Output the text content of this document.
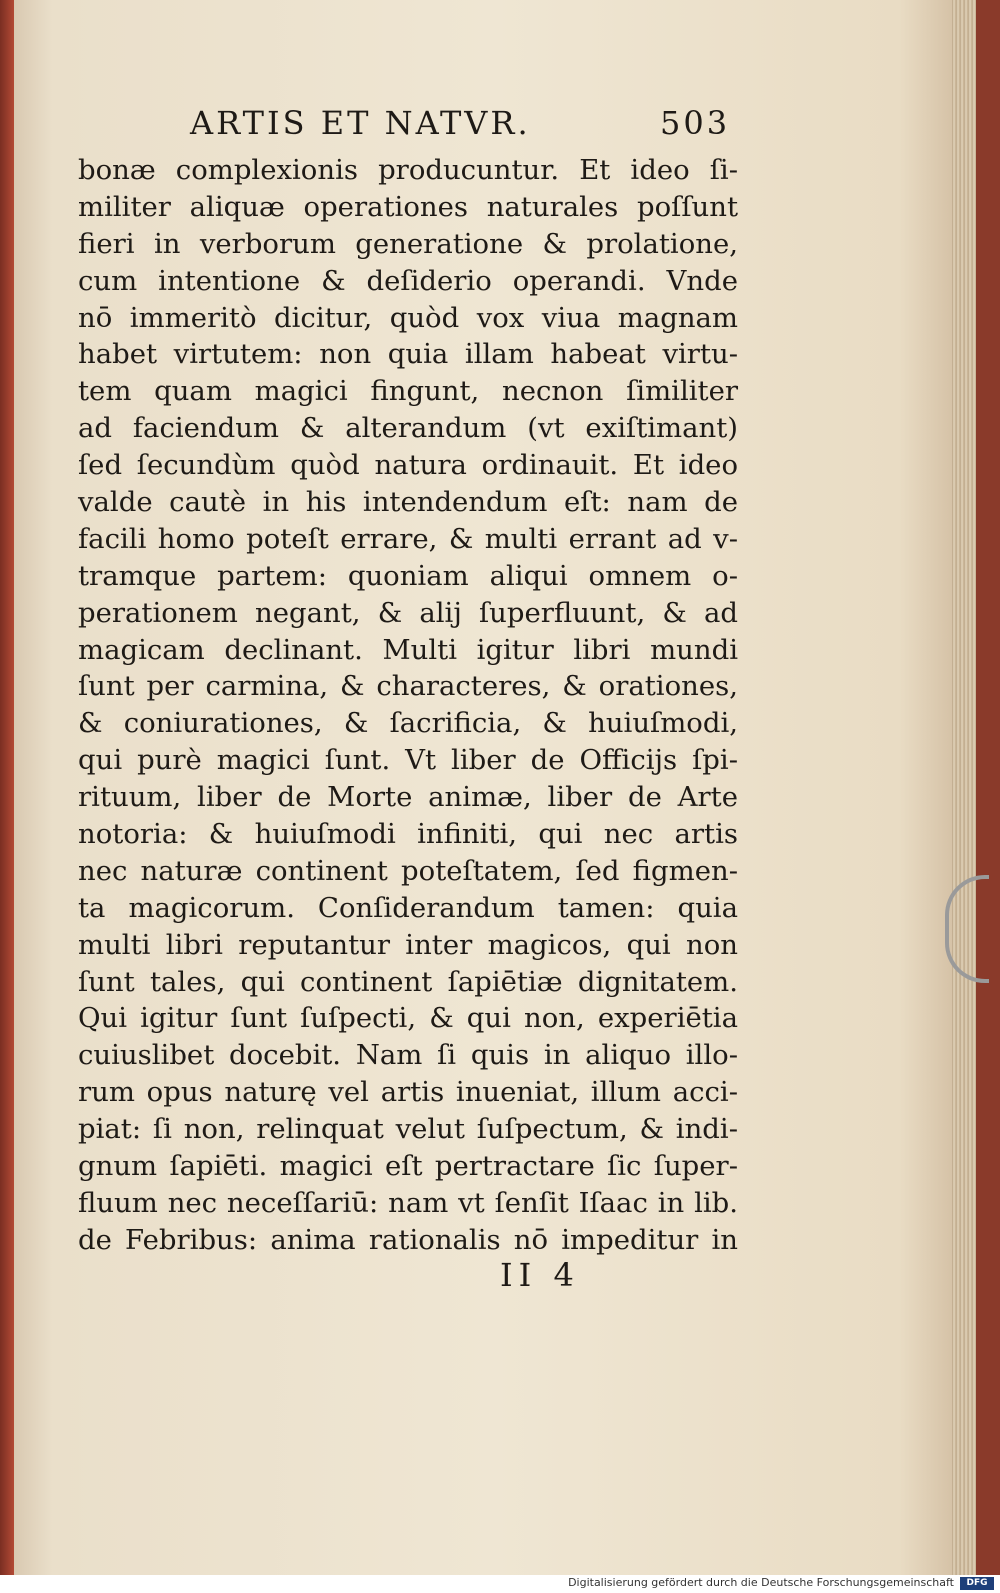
ARTIS ET NATVR.	503
bonæ complexionis producuntur. Et ideo ſi-
militer aliquæ operationes naturales poſſunt
fieri in verborum generatione & prolatione,
cum intentione & deſiderio operandi. Vnde
nō immeritò dicitur, quòd vox viua magnam
habet virtutem: non quia illam habeat virtu-
tem quam magici fingunt, necnon ſimiliter
ad faciendum & alterandum (vt exiſtimant)
ſed ſecundùm quòd natura ordinauit. Et ideo
valde cautè in his intendendum eſt: nam de
facili homo poteſt errare, & multi errant ad v-
tramque partem: quoniam aliqui omnem o-
perationem negant, & alij ſuperfluunt, & ad
magicam declinant. Multi igitur libri mundi
ſunt per carmina, & characteres, & orationes,
& coniurationes, & ſacrificia, & huiuſmodi,
qui purè magici ſunt. Vt liber de Officijs ſpi-
rituum, liber de Morte animæ, liber de Arte
notoria: & huiuſmodi infiniti, qui nec artis
nec naturæ continent poteſtatem, ſed figmen-
ta magicorum. Conſiderandum tamen: quia
multi libri reputantur inter magicos, qui non
ſunt tales, qui continent ſapiētiæ dignitatem.
Qui igitur ſunt ſuſpecti, & qui non, experiētia
cuiuslibet docebit. Nam ſi quis in aliquo illo-
rum opus naturę vel artis inueniat, illum acci-
piat: ſi non, relinquat velut ſuſpectum, & indi-
gnum ſapiēti. magici eſt pertractare ſic ſuper-
fluum nec neceſſariū: nam vt ſenſit Iſaac in lib.
de Febribus: anima rationalis nō impeditur in
II 4
Digitalisierung gefördert durch die Deutsche Forschungsgemeinschaft	DFG
